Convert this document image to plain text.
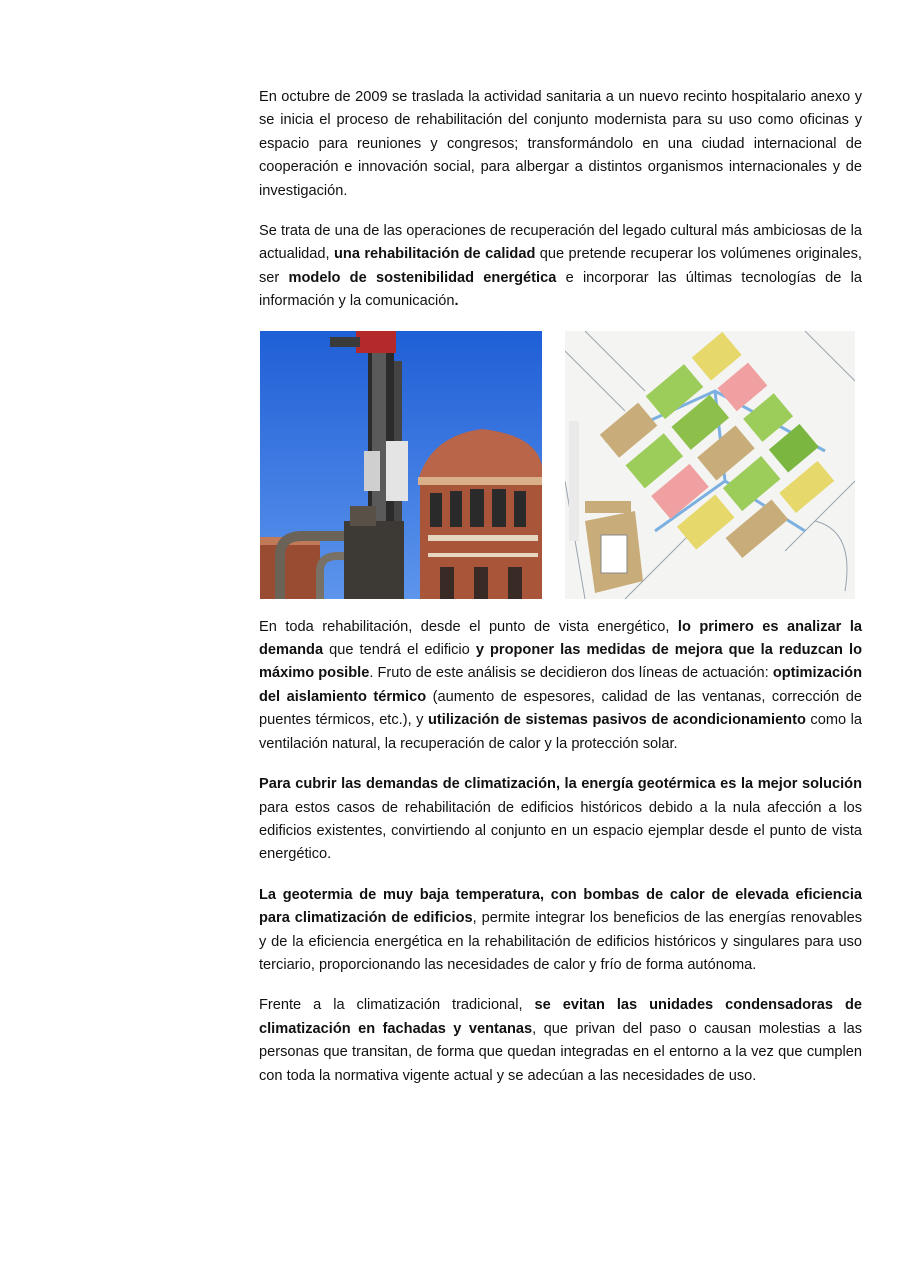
En octubre de 2009 se traslada la actividad sanitaria a un nuevo recinto hospitalario anexo y se inicia el proceso de rehabilitación del conjunto modernista para su uso como oficinas y espacio para reuniones y congresos; transformándolo en una ciudad internacional de cooperación e innovación social, para albergar a distintos organismos internacionales y de investigación.

Se trata de una de las operaciones de recuperación del legado cultural más ambiciosas de la actualidad, una rehabilitación de calidad que pretende recuperar los volúmenes originales, ser modelo de sostenibilidad energética e incorporar las últimas tecnologías de la información y la comunicación.

En toda rehabilitación, desde el punto de vista energético, lo primero es analizar la demanda que tendrá el edificio y proponer las medidas de mejora que la reduzcan lo máximo posible. Fruto de este análisis se decidieron dos líneas de actuación: optimización del aislamiento térmico (aumento de espesores, calidad de las ventanas, corrección de puentes térmicos, etc.), y utilización de sistemas pasivos de acondicionamiento como la ventilación natural, la recuperación de calor y la protección solar.

Para cubrir las demandas de climatización, la energía geotérmica es la mejor solución para estos casos de rehabilitación de edificios históricos debido a la nula afección a los edificios existentes, convirtiendo al conjunto en un espacio ejemplar desde el punto de vista energético.

La geotermia de muy baja temperatura, con bombas de calor de elevada eficiencia para climatización de edificios, permite integrar los beneficios de las energías renovables y de la eficiencia energética en la rehabilitación de edificios históricos y singulares para uso terciario, proporcionando las necesidades de calor y frío de forma autónoma.

Frente a la climatización tradicional, se evitan las unidades condensadoras de climatización en fachadas y ventanas, que privan del paso o causan molestias a las personas que transitan, de forma que quedan integradas en el entorno a la vez que cumplen con toda la normativa vigente actual y se adecúan a las necesidades de uso.
